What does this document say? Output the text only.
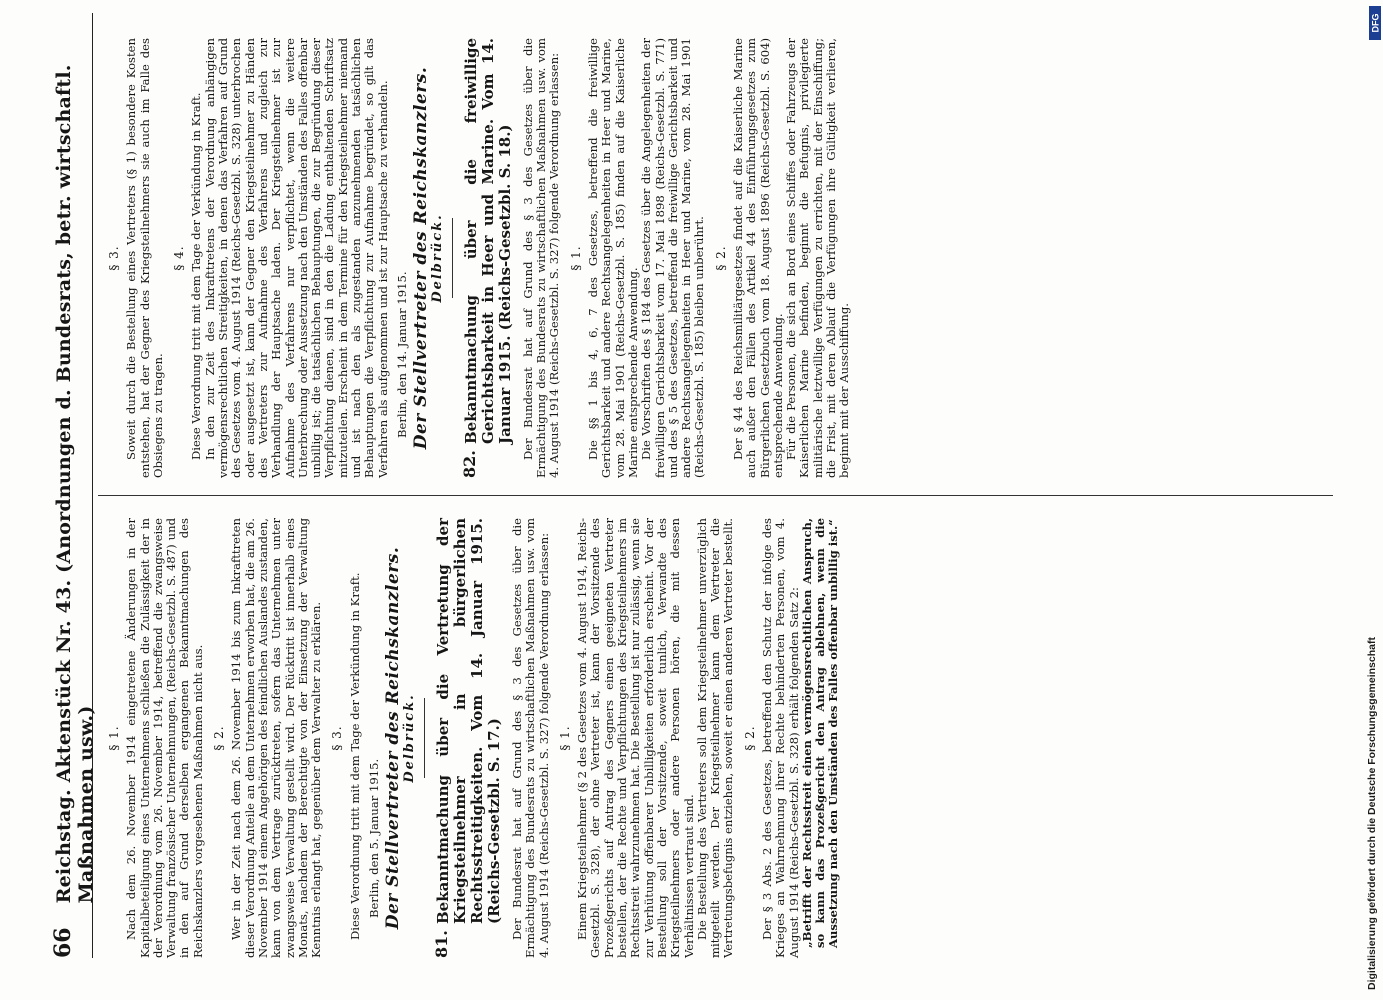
66
Reichstag. Aktenstück Nr. 43. (Anordnungen d. Bundesrats, betr. wirtschaftl. Maßnahmen usw.) § 1. Nach dem 26. November 1914 eingetretene Änderungen in der Kapitalbeteiligung eines Unternehmens schließen die Zulässigkeit der in der Verordnung vom 26. November 1914, betreffend die zwangsweise Verwaltung französischer Unternehmungen, (Reichs-Gesetzbl. S. 487) und in den auf Grund derselben ergangenen Bekanntmachungen des Reichskanzlers vorgesehenen Maßnahmen nicht aus. § 2. Wer in der Zeit nach dem 26. November 1914 bis zum Inkrafttreten dieser Verordnung Anteile an dem Unternehmen erworben hat, die am 26. November 1914 einem Angehörigen des feindlichen Auslandes zustanden, kann von dem Vertrage zurücktreten, sofern das Unternehmen unter zwangsweise Verwaltung gestellt wird. Der Rücktritt ist innerhalb eines Monats, nachdem der Berechtigte von der Einsetzung der Verwaltung Kenntnis erlangt hat, gegenüber dem Verwalter zu erklären. § 3. Diese Verordnung tritt mit dem Tage der Verkündung in Kraft. Berlin, den 5. Januar 1915. Der Stellvertreter des Reichskanzlers.
Delbrück.
81.
Bekanntmachung über die Vertretung der Kriegsteilnehmer in bürgerlichen Rechtsstreitigkeiten. Vom 14. Januar 1915. (Reichs-Gesetzbl. S. 17.) Der Bundesrat hat auf Grund des § 3 des Gesetzes über die Ermächtigung des Bundesrats zu wirtschaftlichen Maßnahmen usw. vom 4. August 1914 (Reichs-Gesetzbl. S. 327) folgende Verordnung erlassen: § 1. Einem Kriegsteilnehmer (§ 2 des Gesetzes vom 4. August 1914, Reichs-Gesetzbl. S. 328), der ohne Vertreter ist, kann der Vorsitzende des Prozeßgerichts auf Antrag des Gegners einen geeigneten Vertreter bestellen, der die Rechte und Verpflichtungen des Kriegsteilnehmers im Rechtsstreit wahrzunehmen hat. Die Bestellung ist nur zulässig, wenn sie zur Verhütung offenbarer Unbilligkeiten erforderlich erscheint. Vor der Bestellung soll der Vorsitzende, soweit tunlich, Verwandte des Kriegsteilnehmers oder andere Personen hören, die mit dessen Verhältnissen vertraut sind. Die Bestellung des Vertreters soll dem Kriegsteilnehmer unverzüglich mitgeteilt werden. Der Kriegsteilnehmer kann dem Vertreter die Vertretungsbefugnis entziehen, soweit er einen anderen Vertreter bestellt. § 2. Der § 3 Abs. 2 des Gesetzes, betreffend den Schutz der infolge des Krieges an Wahrnehmung ihrer Rechte behinderten Personen, vom 4. August 1914 (Reichs-Gesetzbl. S. 328) erhält folgenden Satz 2: „Betrifft der Rechtsstreit einen vermögensrechtlichen Anspruch, so kann das Prozeßgericht den Antrag ablehnen, wenn die Aussetzung nach den Umständen des Falles offenbar unbillig ist.“

§ 3. Soweit durch die Bestellung eines Vertreters (§ 1) besondere Kosten entstehen, hat der Gegner des Kriegsteilnehmers sie auch im Falle des Obsiegens zu tragen.

§ 4. Diese Verordnung tritt mit dem Tage der Verkündung in Kraft. In den zur Zeit des Inkrafttretens der Verordnung anhängigen vermögensrechtlichen Streitigkeiten, in denen das Verfahren auf Grund des Gesetzes vom 4. August 1914 (Reichs-Gesetzbl. S. 328) unterbrochen oder ausgesetzt ist, kann der Gegner den Kriegsteilnehmer zu Händen des Vertreters zur Aufnahme des Verfahrens und zugleich zur Verhandlung der Hauptsache laden. Der Kriegsteilnehmer ist zur Aufnahme des Verfahrens nur verpflichtet, wenn die weitere Unterbrechung oder Aussetzung nach den Umständen des Falles offenbar unbillig ist; die tatsächlichen Behauptungen, die zur Begründung dieser Verpflichtung dienen, sind in den die Ladung enthaltenden Schriftsatz mitzuteilen. Erscheint in dem Termine für den Kriegsteilnehmer niemand und ist nach den als zugestanden anzunehmenden tatsächlichen Behauptungen die Verpflichtung zur Aufnahme begründet, so gilt das Verfahren als aufgenommen und ist zur Hauptsache zu verhandeln. Berlin, den 14. Januar 1915. Der Stellvertreter des Reichskanzlers.
Delbrück.
82.
Bekanntmachung über die freiwillige Gerichtsbarkeit in Heer und Marine. Vom 14. Januar 1915. (Reichs-Gesetzbl. S. 18.) Der Bundesrat hat auf Grund des § 3 des Gesetzes über die Ermächtigung des Bundesrats zu wirtschaftlichen Maßnahmen usw. vom 4. August 1914 (Reichs-Gesetzbl. S. 327) folgende Verordnung erlassen: § 1. Die §§ 1 bis 4, 6, 7 des Gesetzes, betreffend die freiwillige Gerichtsbarkeit und andere Rechtsangelegenheiten in Heer und Marine, vom 28. Mai 1901 (Reichs-Gesetzbl. S. 185) finden auf die Kaiserliche Marine entsprechende Anwendung. Die Vorschriften des § 184 des Gesetzes über die Angelegenheiten der freiwilligen Gerichtsbarkeit vom 17. Mai 1898 (Reichs-Gesetzbl. S. 771) und des § 5 des Gesetzes, betreffend die freiwillige Gerichtsbarkeit und andere Rechtsangelegenheiten in Heer und Marine, vom 28. Mai 1901 (Reichs-Gesetzbl. S. 185) bleiben unberührt. § 2. Der § 44 des Reichsmilitärgesetzes findet auf die Kaiserliche Marine auch außer den Fällen des Artikel 44 des Einführungsgesetzes zum Bürgerlichen Gesetzbuch vom 18. August 1896 (Reichs-Gesetzbl. S. 604) entsprechende Anwendung. Für die Personen, die sich an Bord eines Schiffes oder Fahrzeugs der Kaiserlichen Marine befinden, beginnt die Befugnis, privilegierte militärische letztwillige Verfügungen zu errichten, mit der Einschiffung; die Frist, mit deren Ablauf die Verfügungen ihre Gültigkeit verlieren, beginnt mit der Ausschiffung.

Digitalisierung gefördert durch die Deutsche Forschungsgemeinschaft
DFG
